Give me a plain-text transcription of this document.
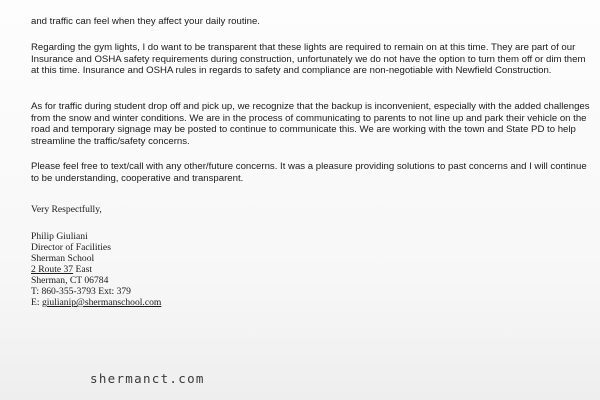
and traffic can feel when they affect your daily routine.
Regarding the gym lights, I do want to be transparent that these lights are required to remain on at this time. They are part of our Insurance and OSHA safety requirements during construction, unfortunately we do not have the option to turn them off or dim them at this time. Insurance and OSHA rules in regards to safety and compliance are non-negotiable with Newfield Construction.
As for traffic during student drop off and pick up, we recognize that the backup is inconvenient, especially with the added challenges from the snow and winter conditions. We are in the process of communicating to parents to not line up and park their vehicle on the road and temporary signage may be posted to continue to communicate this. We are working with the town and State PD to help streamline the traffic/safety concerns.
Please feel free to text/call with any other/future concerns. It was a pleasure providing solutions to past concerns and I will continue to be understanding, cooperative and transparent.
Very Respectfully,
Philip Giuliani
Director of Facilities
Sherman School
2 Route 37 East
Sherman, CT 06784
T: 860-355-3793 Ext: 379
E: giulianip@shermanschool.com
shermanct.com
